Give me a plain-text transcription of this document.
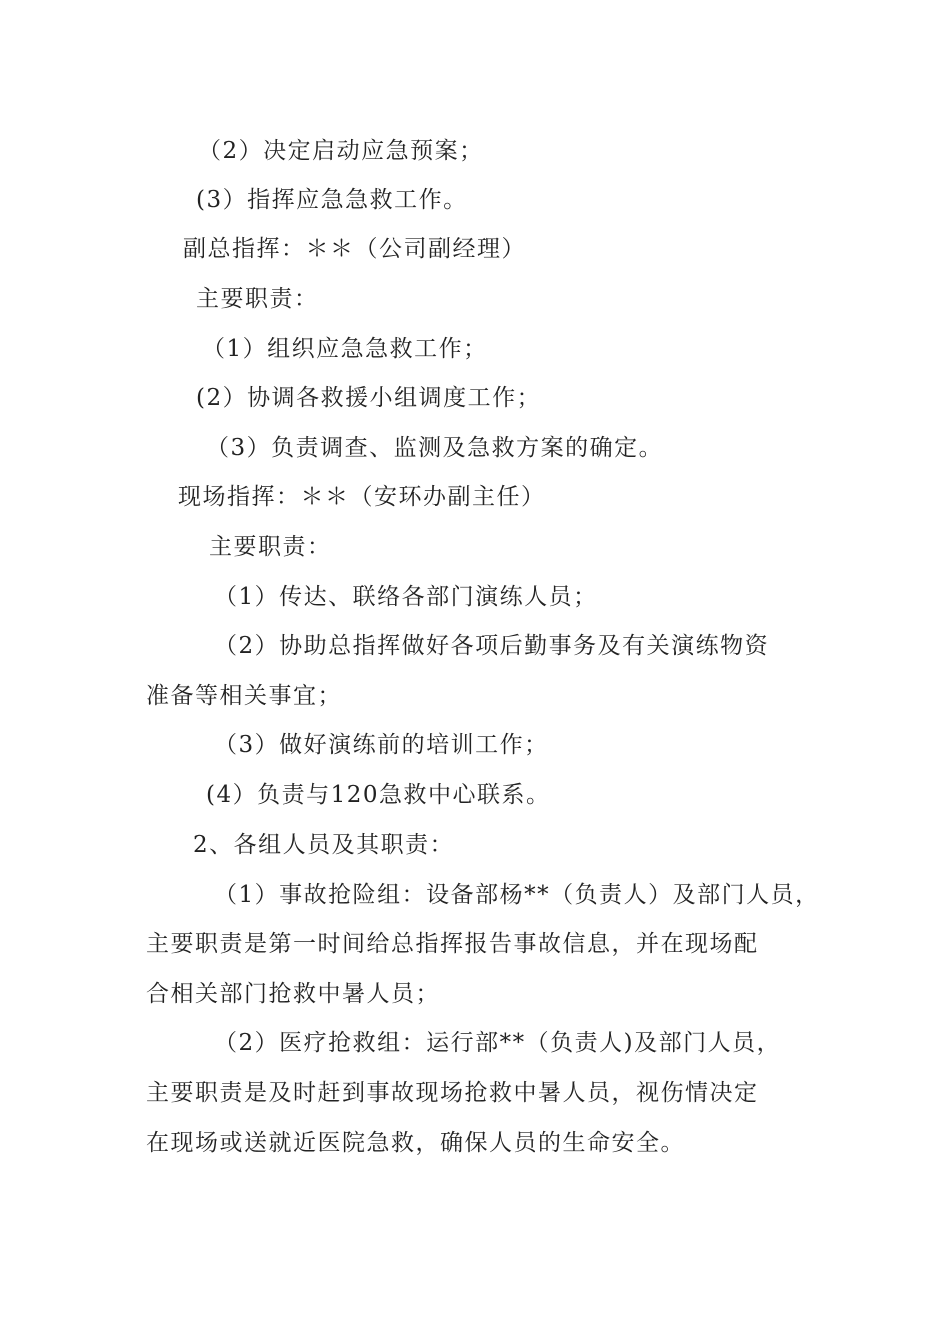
（2）决定启动应急预案；

(3）指挥应急急救工作。

副总指挥：＊＊（公司副经理）

主要职责：

（1）组织应急急救工作；

(2）协调各救援小组调度工作；

（3）负责调查、监测及急救方案的确定。

现场指挥：＊＊（安环办副主任）

主要职责：

（1）传达、联络各部门演练人员；

（2）协助总指挥做好各项后勤事务及有关演练物资

准备等相关事宜；

（3）做好演练前的培训工作；

(4）负责与120急救中心联系。

2、各组人员及其职责：

（1）事故抢险组：设备部杨**（负责人）及部门人员，

主要职责是第一时间给总指挥报告事故信息，并在现场配

合相关部门抢救中暑人员；

（2）医疗抢救组：运行部**（负责人)及部门人员，

主要职责是及时赶到事故现场抢救中暑人员，视伤情决定

在现场或送就近医院急救，确保人员的生命安全。
